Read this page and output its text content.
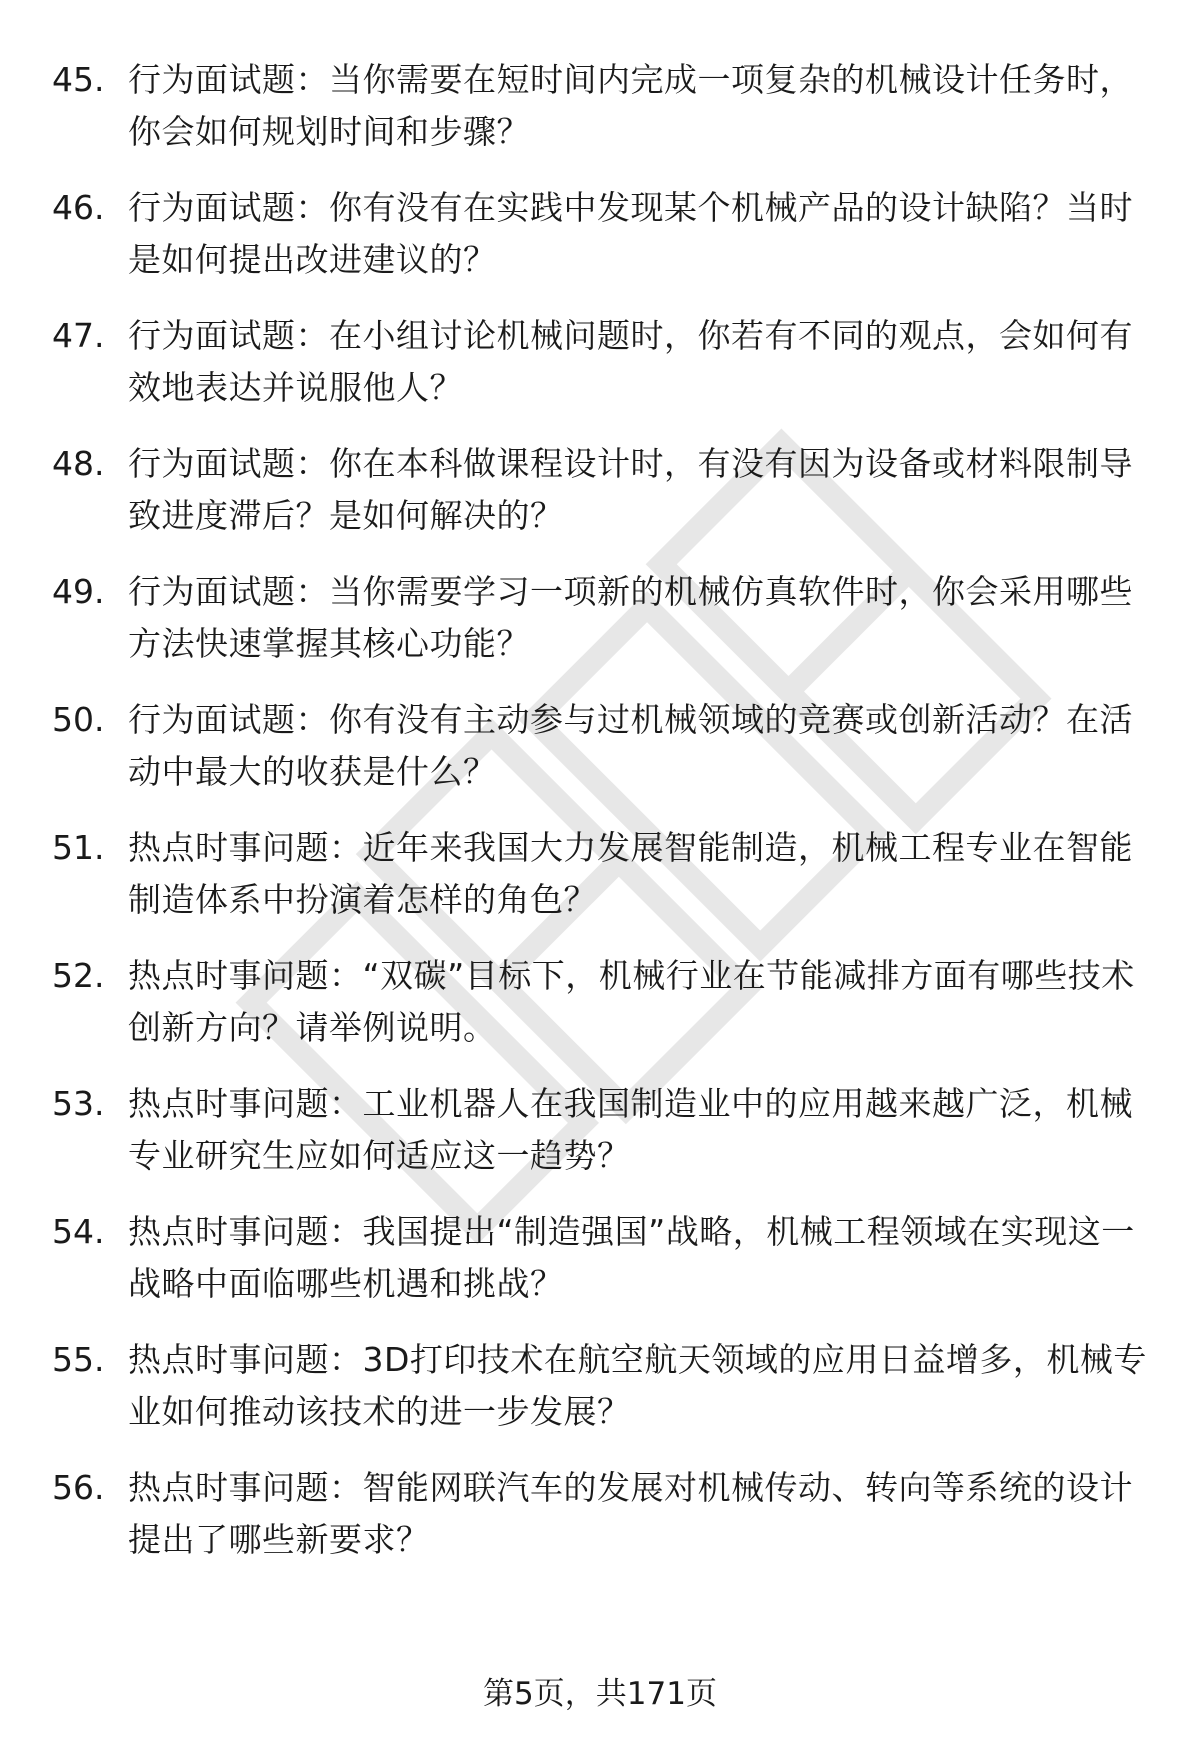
45. 行为面试题：当你需要在短时间内完成一项复杂的机械设计任务时，你会如何规划时间和步骤？
46. 行为面试题：你有没有在实践中发现某个机械产品的设计缺陷？当时是如何提出改进建议的？
47. 行为面试题：在小组讨论机械问题时，你若有不同的观点，会如何有效地表达并说服他人？
48. 行为面试题：你在本科做课程设计时，有没有因为设备或材料限制导致进度滞后？是如何解决的？
49. 行为面试题：当你需要学习一项新的机械仿真软件时，你会采用哪些方法快速掌握其核心功能？
50. 行为面试题：你有没有主动参与过机械领域的竞赛或创新活动？在活动中最大的收获是什么？
51. 热点时事问题：近年来我国大力发展智能制造，机械工程专业在智能制造体系中扮演着怎样的角色？
52. 热点时事问题：“双碳”目标下，机械行业在节能减排方面有哪些技术创新方向？请举例说明。
53. 热点时事问题：工业机器人在我国制造业中的应用越来越广泛，机械专业研究生应如何适应这一趋势？
54. 热点时事问题：我国提出“制造强国”战略，机械工程领域在实现这一战略中面临哪些机遇和挑战？
55. 热点时事问题：3D打印技术在航空航天领域的应用日益增多，机械专业如何推动该技术的进一步发展？
56. 热点时事问题：智能网联汽车的发展对机械传动、转向等系统的设计提出了哪些新要求？
第5页，共171页
